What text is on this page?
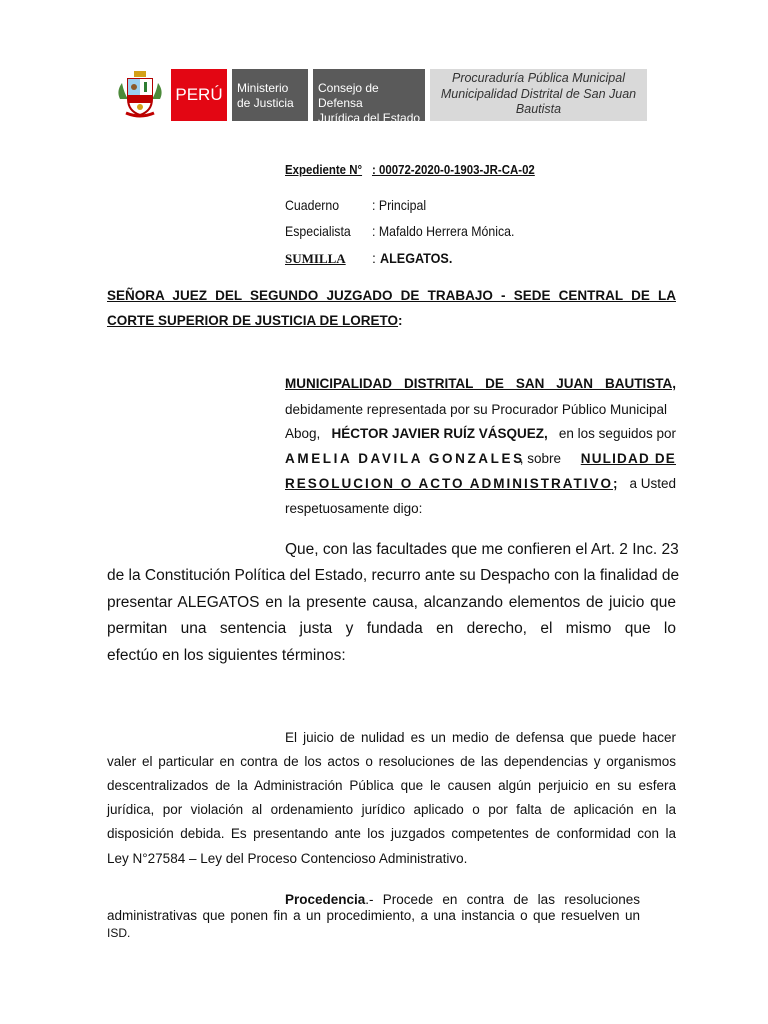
PERÚ Ministerio
de Justicia
Consejo de Defensa
Jurídica del Estado
Procuraduría Pública Municipal
Municipalidad Distrital de San Juan
Bautista
Expediente N° : 00072-2020-0-1903-JR-CA-02
Cuaderno : Principal
Especialista : Mafaldo Herrera Mónica.
SUMILLA : ALEGATOS.
SEÑORA JUEZ DEL SEGUNDO JUZGADO DE TRABAJO - SEDE CENTRAL DE LA
CORTE SUPERIOR DE JUSTICIA DE LORETO:
MUNICIPALIDAD DISTRITAL DE SAN JUAN BAUTISTA,
debidamente representada por su Procurador Público Municipal
Abog, HÉCTOR JAVIER RUÍZ VÁSQUEZ, en los seguidos por
AMELIA DAVILA GONZALES
, sobre NULIDAD DE
RESOLUCION O ACTO ADMINISTRATIVO; a Usted
respetuosamente digo:
Que, con las facultades que me confieren el Art. 2 Inc. 23
de la Constitución Política del Estado, recurro ante su Despacho con la finalidad de
presentar ALEGATOS en la presente causa, alcanzando elementos de juicio que
permitan una sentencia justa y fundada en derecho, el mismo que lo
efectúo en los siguientes términos:
El juicio de nulidad es un medio de defensa que puede hacer
valer el particular en contra de los actos o resoluciones de las dependencias y organismos
descentralizados de la Administración Pública que le causen algún perjuicio en su esfera
jurídica, por violación al ordenamiento jurídico aplicado o por falta de aplicación en la
disposición debida. Es presentando ante los juzgados competentes de conformidad con la
Ley N°27584 – Ley del Proceso Contencioso Administrativo.
Procedencia .- Procede en contra de las resoluciones
administrativas que ponen fin a un procedimiento, a una instancia o que resuelven un
ISD.
